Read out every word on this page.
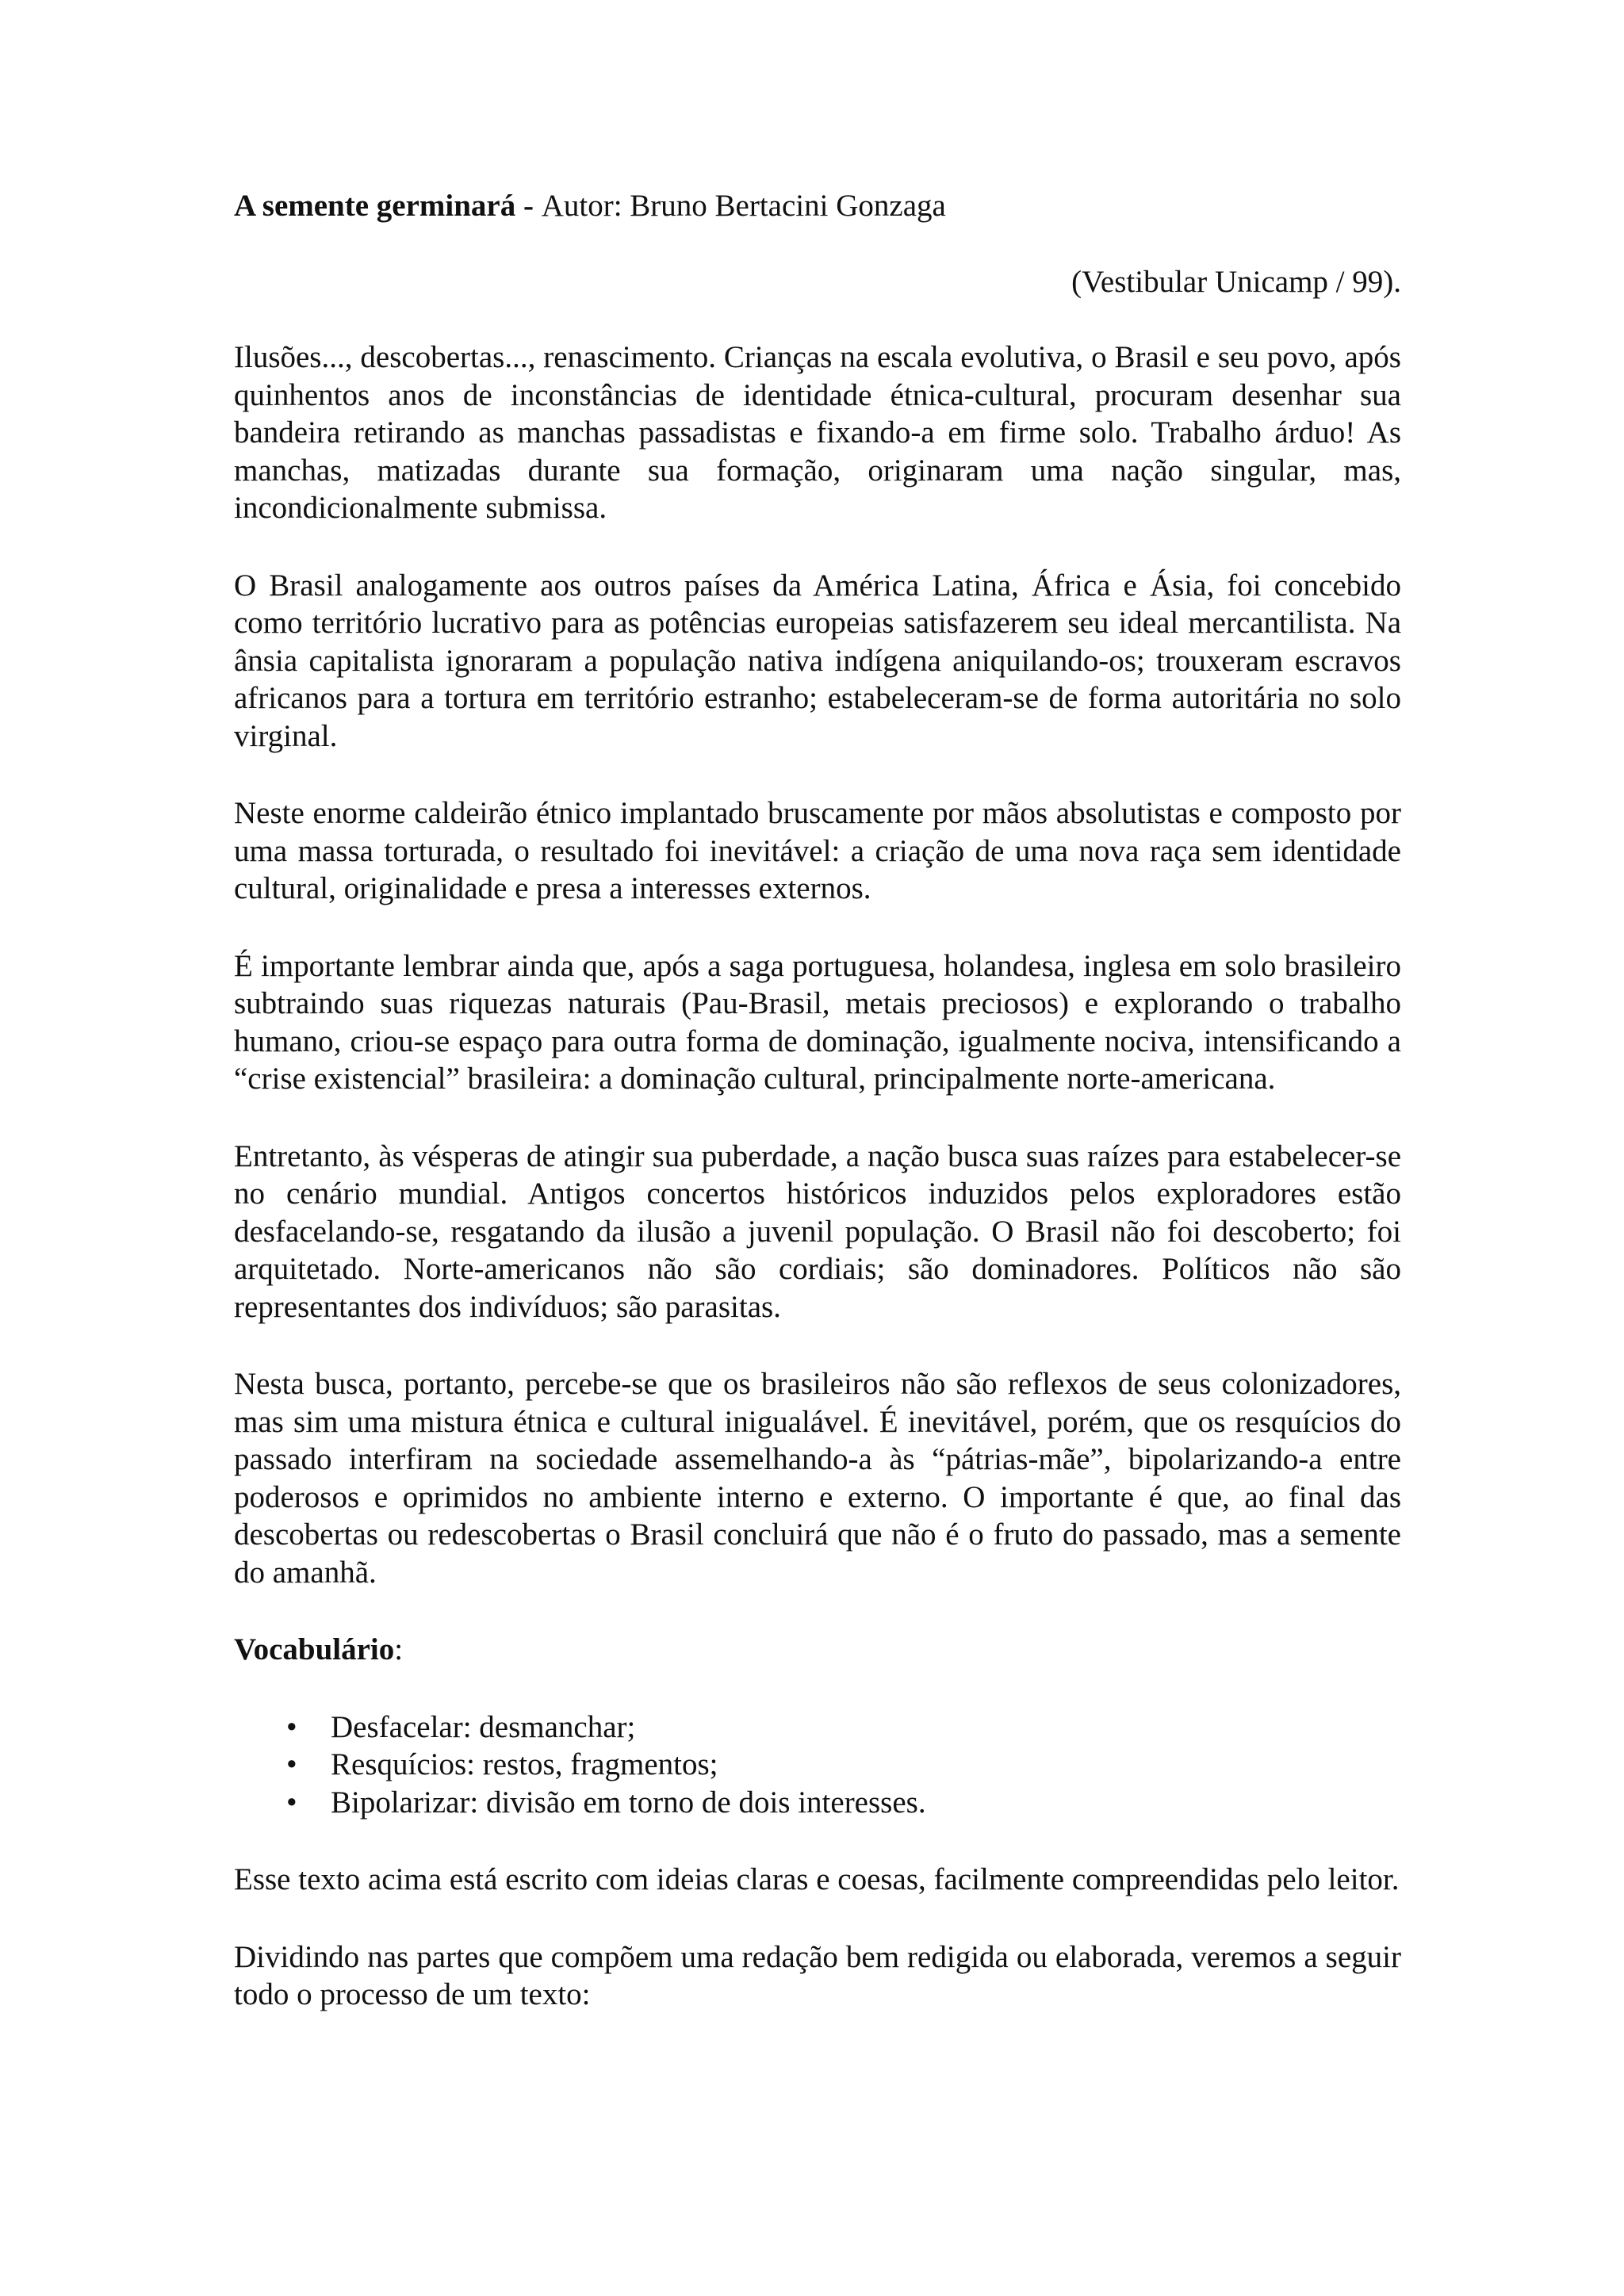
A semente germinará - Autor: Bruno Bertacini Gonzaga

(Vestibular Unicamp / 99).

Ilusões..., descobertas..., renascimento. Crianças na escala evolutiva, o Brasil e seu povo, após quinhentos anos de inconstâncias de identidade étnica-cultural, procuram desenhar sua bandeira retirando as manchas passadistas e fixando-a em firme solo. Trabalho árduo! As manchas, matizadas durante sua formação, originaram uma nação singular, mas, incondicionalmente submissa.

O Brasil analogamente aos outros países da América Latina, África e Ásia, foi concebido como território lucrativo para as potências europeias satisfazerem seu ideal mercantilista. Na ânsia capitalista ignoraram a população nativa indígena aniquilando-os; trouxeram escravos africanos para a tortura em território estranho; estabeleceram-se de forma autoritária no solo virginal.

Neste enorme caldeirão étnico implantado bruscamente por mãos absolutistas e composto por uma massa torturada, o resultado foi inevitável: a criação de uma nova raça sem identidade cultural, originalidade e presa a interesses externos.

É importante lembrar ainda que, após a saga portuguesa, holandesa, inglesa em solo brasileiro subtraindo suas riquezas naturais (Pau-Brasil, metais preciosos) e explorando o trabalho humano, criou-se espaço para outra forma de dominação, igualmente nociva, intensificando a “crise existencial” brasileira: a dominação cultural, principalmente norte-americana.

Entretanto, às vésperas de atingir sua puberdade, a nação busca suas raízes para estabelecer-se no cenário mundial. Antigos concertos históricos induzidos pelos exploradores estão desfacelando-se, resgatando da ilusão a juvenil população. O Brasil não foi descoberto; foi arquitetado. Norte-americanos não são cordiais; são dominadores. Políticos não são representantes dos indivíduos; são parasitas.

Nesta busca, portanto, percebe-se que os brasileiros não são reflexos de seus colonizadores, mas sim uma mistura étnica e cultural inigualável. É inevitável, porém, que os resquícios do passado interfiram na sociedade assemelhando-a às “pátrias-mãe”, bipolarizando-a entre poderosos e oprimidos no ambiente interno e externo. O importante é que, ao final das descobertas ou redescobertas o Brasil concluirá que não é o fruto do passado, mas a semente do amanhã.

Vocabulário:

• Desfacelar: desmanchar;
• Resquícios: restos, fragmentos;
• Bipolarizar: divisão em torno de dois interesses.

Esse texto acima está escrito com ideias claras e coesas, facilmente compreendidas pelo leitor.

Dividindo nas partes que compõem uma redação bem redigida ou elaborada, veremos a seguir todo o processo de um texto:
